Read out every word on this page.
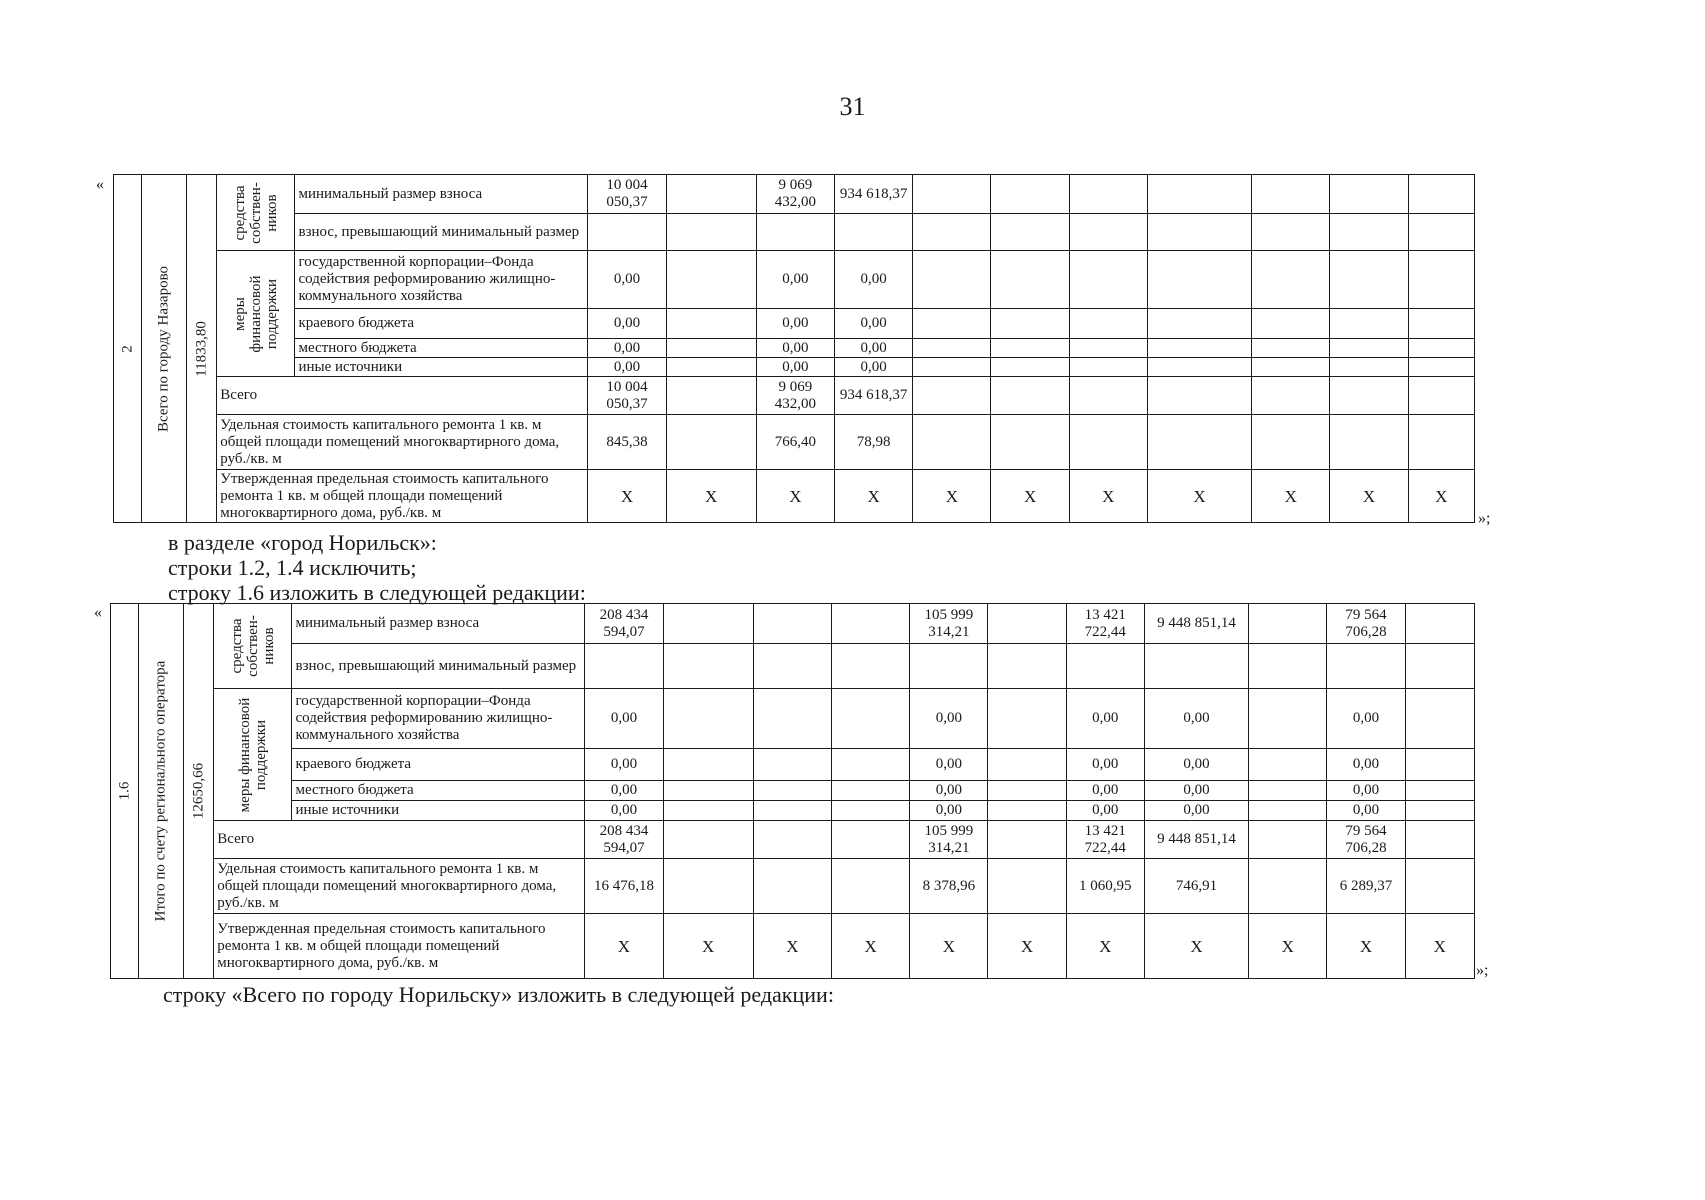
31
«
»;
2	Всего по городу Назарово	11833,80	средства собствен-ников	минимальный размер взноса	10 004 050,37		9 069 432,00	934 618,37							
				взнос, превышающий минимальный размер											

			меры финансовой поддержки	государственной корпорации–Фонда содействия реформированию жилищно-коммунального хозяйства	0,00		0,00	0,00							
				краевого бюджета	0,00		0,00	0,00							
				местного бюджета	0,00		0,00	0,00							
				иные источники	0,00		0,00	0,00							
			Всего		10 004 050,37		9 069 432,00	934 618,37							
			Удельная стоимость капитального ремонта 1 кв. м общей площади помещений многоквартирного дома, руб./кв. м		845,38		766,40	78,98							
			Утвержденная предельная стоимость капитального ремонта 1 кв. м общей площади помещений многоквартирного дома, руб./кв. м		Х	Х	Х	Х	Х	Х	Х	Х	Х	Х	Х
в разделе «город Норильск»:
строки 1.2, 1.4 исключить;
строку 1.6 изложить в следующей редакции:
«
»;
1.6	Итого по счету регионального оператора	12650,66	средства собствен-ников	минимальный размер взноса	208 434 594,07				105 999 314,21		13 421 722,44	9 448 851,14		79 564 706,28	
				взнос, превышающий минимальный размер											

			меры финансовой поддержки	государственной корпорации–Фонда содействия реформированию жилищно-коммунального хозяйства	0,00				0,00		0,00	0,00		0,00	
				краевого бюджета	0,00				0,00		0,00	0,00		0,00	
				местного бюджета	0,00				0,00		0,00	0,00		0,00	
				иные источники	0,00				0,00		0,00	0,00		0,00	
			Всего		208 434 594,07				105 999 314,21		13 421 722,44	9 448 851,14		79 564 706,28	
			Удельная стоимость капитального ремонта 1 кв. м общей площади помещений многоквартирного дома, руб./кв. м		16 476,18				8 378,96		1 060,95	746,91		6 289,37	
			Утвержденная предельная стоимость капитального ремонта 1 кв. м общей площади помещений многоквартирного дома, руб./кв. м		Х	Х	Х	Х	Х	Х	Х	Х	Х	Х	Х
строку «Всего по городу Норильску» изложить в следующей редакции:
